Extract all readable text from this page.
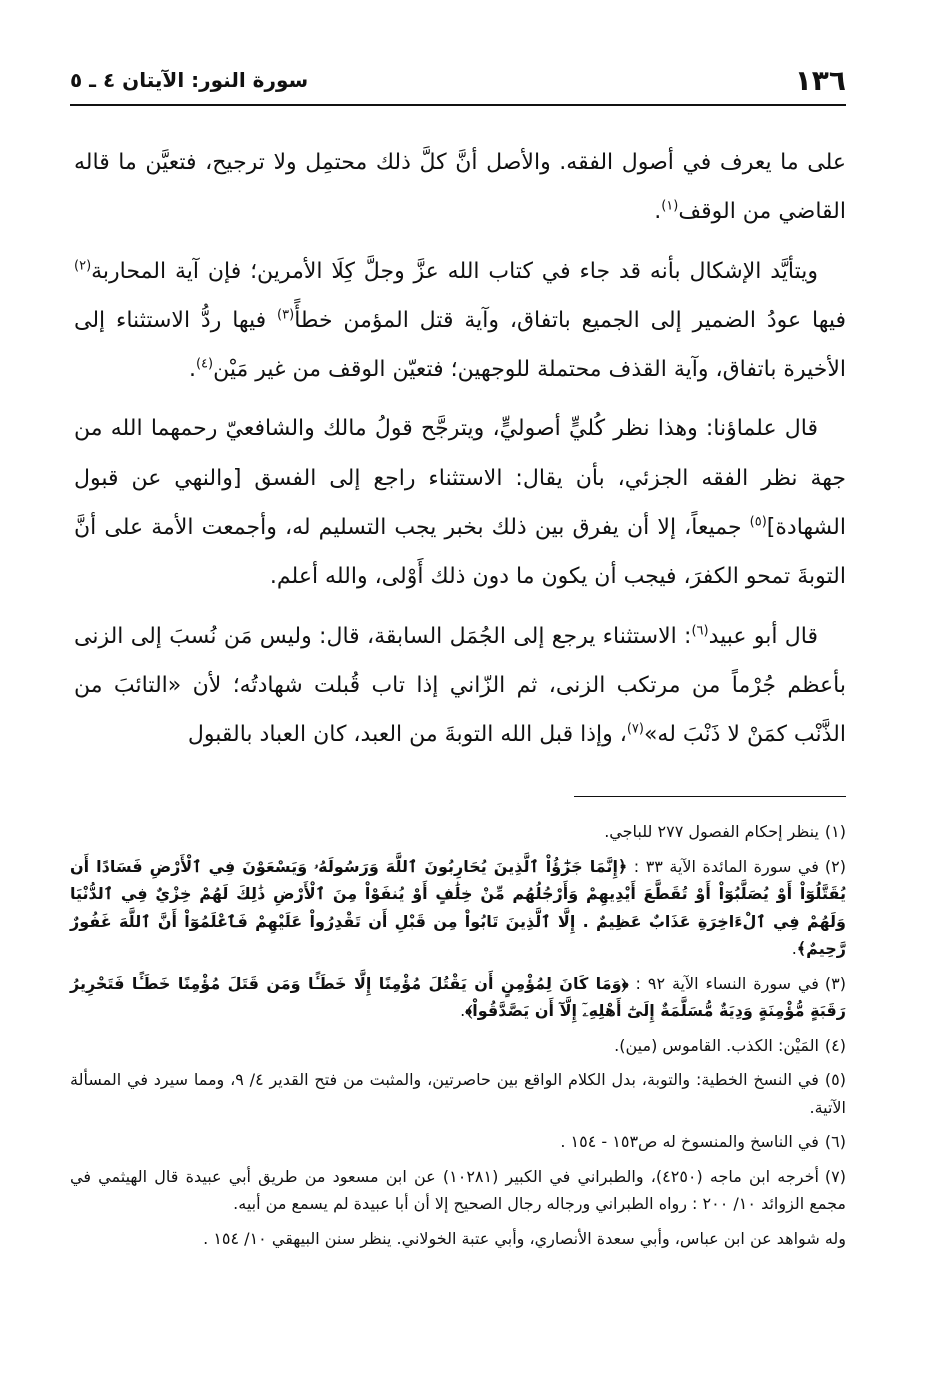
١٣٦
سورة النور: الآيتان ٤ ـ ٥

على ما يعرف في أصول الفقه. والأصل أنَّ كلَّ ذلك محتمِل ولا ترجيح، فتعيَّن ما قاله القاضي من الوقف$^{(١)}$.

ويتأيَّد الإشكال بأنه قد جاء في كتاب الله عزَّ وجلَّ كِلَا الأمرين؛ فإن آية المحاربة$^{(٢)}$ فيها عودُ الضمير إلى الجميع باتفاق، وآية قتل المؤمن خطأً$^{(٣)}$ فيها ردُّ الاستثناء إلى الأخيرة باتفاق، وآية القذف محتملة للوجهين؛ فتعيّن الوقف من غير مَيْن$^{(٤)}$.

قال علماؤنا: وهذا نظر كُليٍّ أصوليٍّ، ويترجَّح قولُ مالك والشافعيّ رحمهما الله من جهة نظر الفقه الجزئي، بأن يقال: الاستثناء راجع إلى الفسق [والنهي عن قبول الشهادة]$^{(٥)}$ جميعاً، إلا أن يفرق بين ذلك بخبر يجب التسليم له، وأجمعت الأمة على أنَّ التوبةَ تمحو الكفرَ، فيجب أن يكون ما دون ذلك أَوْلى، والله أعلم.

قال أبو عبيد$^{(٦)}$: الاستثناء يرجع إلى الجُمَل السابقة، قال: وليس مَن نُسبَ إلى الزنى بأعظم جُرْماً من مرتكب الزنى، ثم الزّاني إذا تاب قُبلت شهادتُه؛ لأن «التائبَ من الذَّنْب كمَنْ لا ذَنْبَ له»$^{(٧)}$، وإذا قبل الله التوبةَ من العبد، كان العباد بالقبول

(١)ينظر إحكام الفصول ٢٧٧ للباجي.
(٢)في سورة المائدة الآية ٣٣ : ﴿إِنَّمَا جَزَٰٓؤُاْ ٱلَّذِينَ يُحَارِبُونَ ٱللَّهَ وَرَسُولَهُۥ وَيَسْعَوْنَ فِي ٱلْأَرْضِ فَسَادًا أَن يُقَتَّلُوٓاْ أَوْ يُصَلَّبُوٓاْ أَوْ تُقَطَّعَ أَيْدِيهِمْ وَأَرْجُلُهُم مِّنْ خِلَٰفٍ أَوْ يُنفَوْاْ مِنَ ٱلْأَرْضِ ذَٰلِكَ لَهُمْ خِزْيٌ فِي ٱلدُّنْيَا وَلَهُمْ فِي ٱلْءَاخِرَةِ عَذَابٌ عَظِيمٌ . إِلَّا ٱلَّذِينَ تَابُواْ مِن قَبْلِ أَن تَقْدِرُواْ عَلَيْهِمْ فَٱعْلَمُوٓاْ أَنَّ ٱللَّهَ غَفُورٌ رَّحِيمٌ﴾.
(٣)في سورة النساء الآية ٩٢ : ﴿وَمَا كَانَ لِمُؤْمِنٍ أَن يَقْتُلَ مُؤْمِنًا إِلَّا خَطَـًٔا وَمَن قَتَلَ مُؤْمِنًا خَطَـًٔا فَتَحْرِيرُ رَقَبَةٍ مُّؤْمِنَةٍ وَدِيَةٌ مُّسَلَّمَةٌ إِلَىٰٓ أَهْلِهِۦٓ إِلَّآ أَن يَصَّدَّقُواْ﴾.
(٤)المَيْن: الكذب. القاموس (مين).
(٥)في النسخ الخطية: والتوبة، بدل الكلام الواقع بين حاصرتين، والمثبت من فتح القدير ٤/ ٩، ومما سيرد في المسألة الآتية.
(٦)في الناسخ والمنسوخ له ص١٥٣ - ١٥٤ .
(٧)أخرجه ابن ماجه (٤٢٥٠)، والطبراني في الكبير (١٠٢٨١) عن ابن مسعود من طريق أبي عبيدة قال الهيثمي في مجمع الزوائد ١٠/ ٢٠٠ : رواه الطبراني ورجاله رجال الصحيح إلا أن أبا عبيدة لم يسمع من أبيه.
وله شواهد عن ابن عباس، وأبي سعدة الأنصاري، وأبي عتبة الخولاني. ينظر سنن البيهقي ١٠/ ١٥٤ .
